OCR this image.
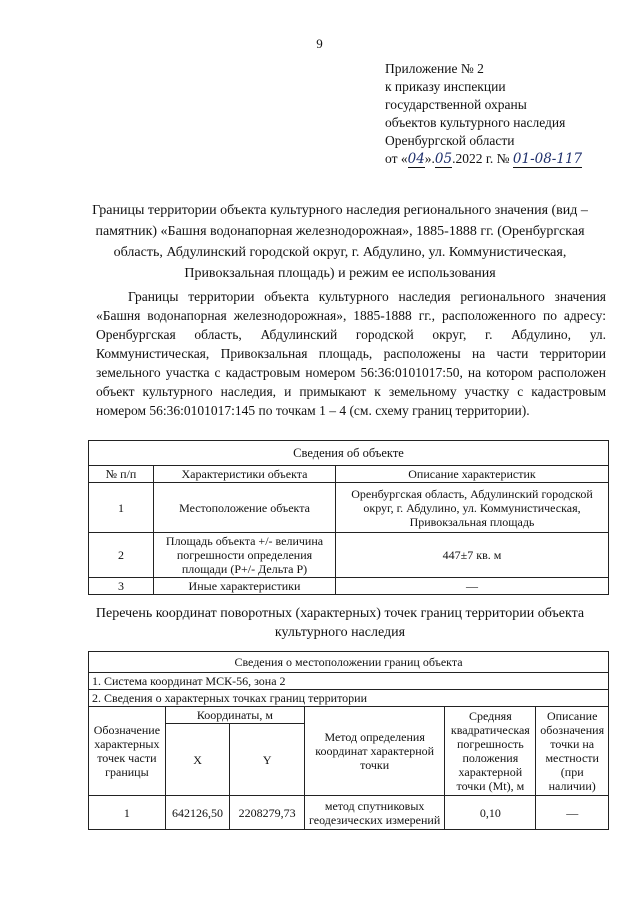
9
Приложение № 2
к приказу инспекции
государственной охраны
объектов культурного наследия
Оренбургской области
от «04».05.2022 г. № 01-08-117
Границы территории объекта культурного наследия регионального значения (вид – памятник) «Башня водонапорная железнодорожная», 1885-1888 гг. (Оренбургская область, Абдулинский городской округ, г. Абдулино, ул. Коммунистическая, Привокзальная площадь) и режим ее использования
Границы территории объекта культурного наследия регионального значения «Башня водонапорная железнодорожная», 1885-1888 гг., расположенного по адресу: Оренбургская область, Абдулинский городской округ, г. Абдулино, ул. Коммунистическая, Привокзальная площадь, расположены на части территории земельного участка с кадастровым номером 56:36:0101017:50, на котором расположен объект культурного наследия, и примыкают к земельному участку с кадастровым номером 56:36:0101017:145 по точкам 1 – 4 (см. схему границ территории).
Сведения об объекте		
№ п/п	Характеристики объекта	Описание характеристик
1	Местоположение объекта	Оренбургская область, Абдулинский городской округ, г. Абдулино, ул. Коммунистическая, Привокзальная площадь
2	Площадь объекта +/- величина погрешности определения площади (P+/- Дельта P)	447±7 кв. м
3	Иные характеристики	—
Перечень координат поворотных (характерных) точек границ территории объекта культурного наследия
Сведения о местоположении границ объекта					
1. Система координат МСК-56, зона 2					
2. Сведения о характерных точках границ территории					
Обозначение характерных точек части границы	Координаты, м		Метод определения координат характерной точки	Средняя квадратическая погрешность положения характерной точки (Mt), м	Описание обозначения точки на местности (при наличии)
	X	Y			
1	642126,50	2208279,73	метод спутниковых геодезических измерений	0,10	—
